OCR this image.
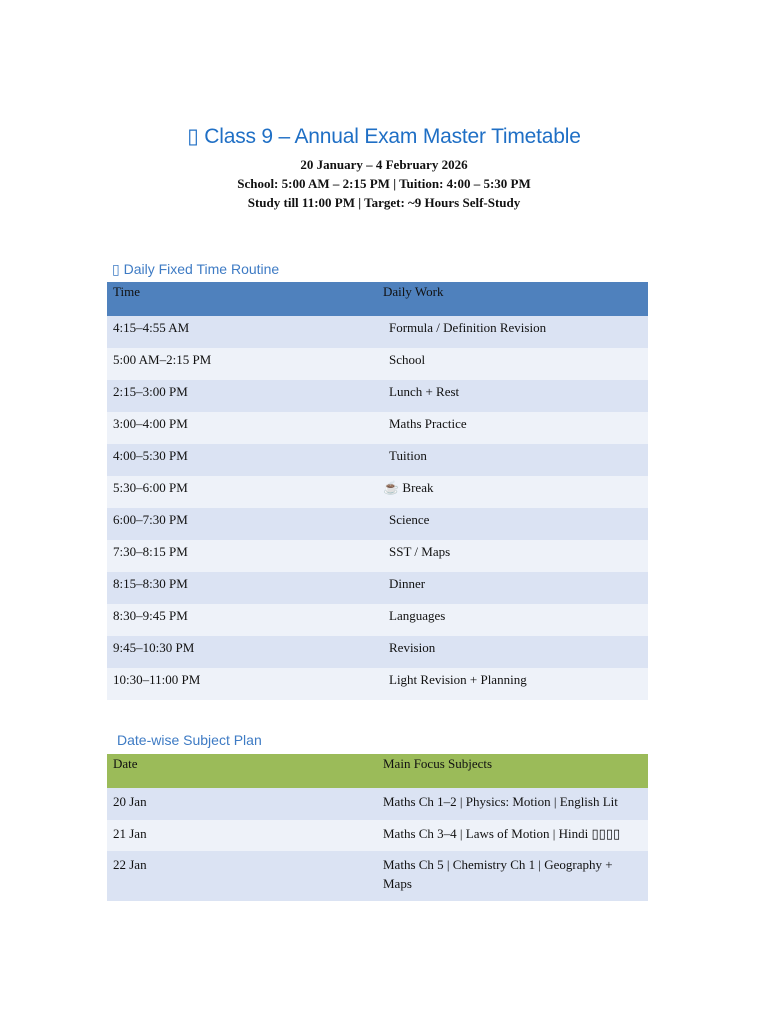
▯ Class 9 – Annual Exam Master Timetable
20 January – 4 February 2026
School: 5:00 AM – 2:15 PM | Tuition: 4:00 – 5:30 PM
Study till 11:00 PM | Target: ~9 Hours Self-Study
▯ Daily Fixed Time Routine
Time	Daily Work
4:15–4:55 AM	Formula / Definition Revision
5:00 AM–2:15 PM	School
2:15–3:00 PM	Lunch + Rest
3:00–4:00 PM	Maths Practice
4:00–5:30 PM	Tuition
5:30–6:00 PM	☕ Break
6:00–7:30 PM	Science
7:30–8:15 PM	SST / Maps
8:15–8:30 PM	Dinner
8:30–9:45 PM	Languages
9:45–10:30 PM	Revision
10:30–11:00 PM	Light Revision + Planning
Date-wise Subject Plan
Date	Main Focus Subjects
20 Jan	Maths Ch 1–2 | Physics: Motion | English Lit
21 Jan	Maths Ch 3–4 | Laws of Motion | Hindi ▯▯▯▯
22 Jan	Maths Ch 5 | Chemistry Ch 1 | Geography + Maps
